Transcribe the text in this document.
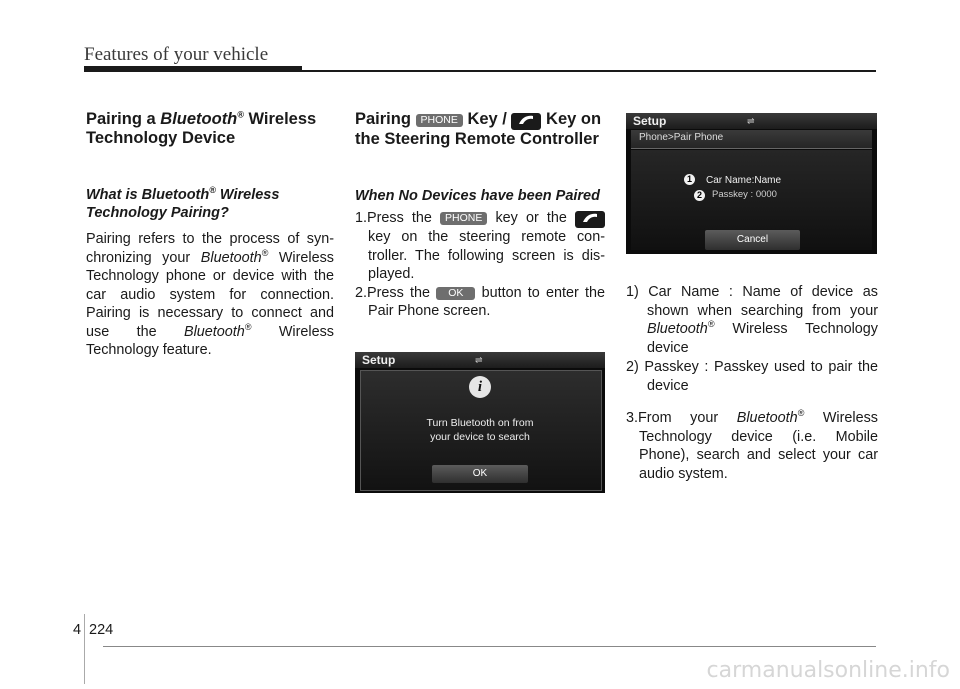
Features of your vehicle
Pairing a Bluetooth® Wireless Technology Device
What is Bluetooth® Wireless Technology Pairing?

Pairing refers to the process of syn-chronizing your Bluetooth® Wireless Technology phone or device with the car audio system for connection. Pairing is necessary to connect and use the Bluetooth® Wireless Technology feature.

Pairing PHONE Key /  Key on the Steering Remote Controller
When No Devices have been Paired

1.Press the PHONE key or the  key on the steering remote con-troller. The following screen is dis-played.

2.Press the OK button to enter the Pair Phone screen.

Setup	⇌
i
Turn Bluetooth on from
your device to search
OK
Setup	⇌
Phone>Pair Phone
1
2
Car Name:Name
Passkey : 0000
Cancel

1) Car Name : Name of device as shown when searching from your Bluetooth® Wireless Technology device

2) Passkey : Passkey used to pair the device

3.From your Bluetooth® Wireless Technology device (i.e. Mobile Phone), search and select your car audio system.

4 224
carmanualsonline.info
